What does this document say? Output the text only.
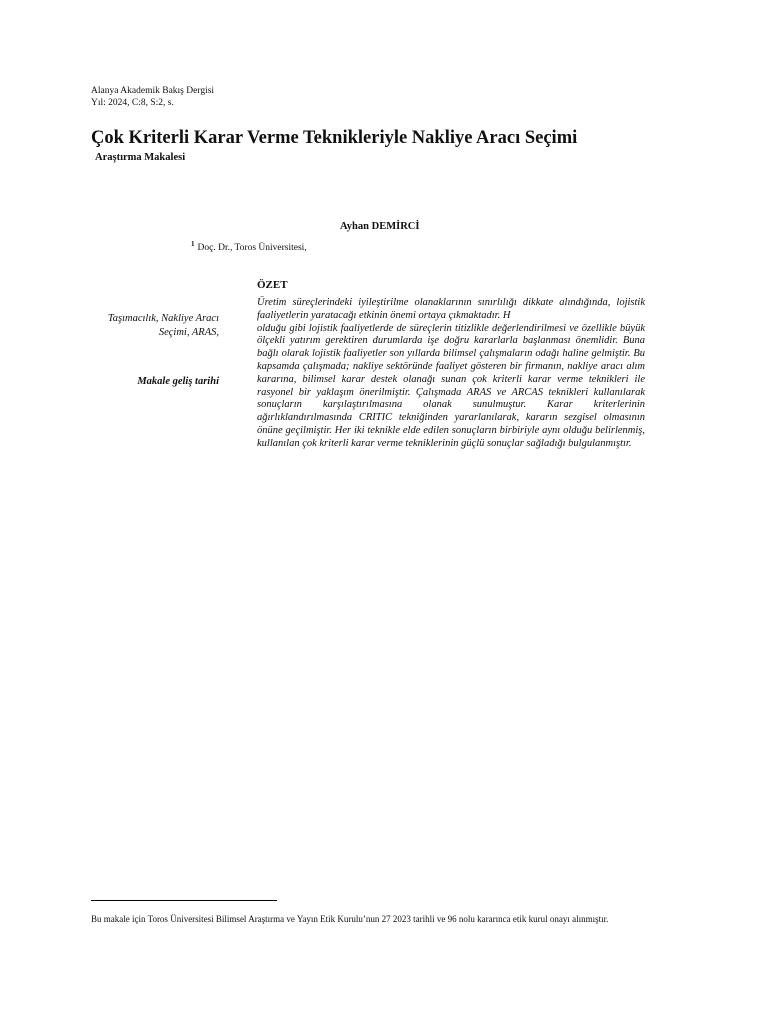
Alanya Akademik Bakış Dergisi
Yıl: 2024, C:8, S:2, s.
Çok Kriterli Karar Verme Teknikleriyle Nakliye Aracı Seçimi
Araştırma Makalesi
Ayhan DEMİRCİ
$^1$ Doç. Dr., Toros Üniversitesi,
ÖZET
Taşımacılık, Nakliye Aracı Seçimi, ARAS,
Makale geliş tarihi

Üretim süreçlerindeki iyileştirilme olanaklarının sınırlılığı dikkate alındığında, lojistik faaliyetlerin yaratacağı etkinin önemi ortaya çıkmaktadır. H

olduğu gibi lojistik faaliyetlerde de süreçlerin titizlikle değerlendirilmesi ve özellikle büyük ölçekli yatırım gerektiren durumlarda işe doğru kararlarla başlanması önemlidir. Buna bağlı olarak lojistik faaliyetler son yıllarda bilimsel çalışmaların odağı haline gelmiştir. Bu kapsamda çalışmada; nakliye sektöründe faaliyet gösteren bir firmanın, nakliye aracı alım kararına, bilimsel karar destek olanağı sunan çok kriterli karar verme teknikleri ile rasyonel bir yaklaşım önerilmiştir. Çalışmada ARAS ve ARCAS teknikleri kullanılarak sonuçların karşılaştırılmasına olanak sunulmuştur. Karar kriterlerinin ağırlıklandırılmasında CRITIC tekniğinden yararlanılarak, kararın sezgisel olmasının önüne geçilmiştir. Her iki teknikle elde edilen sonuçların birbiriyle aynı olduğu belirlenmiş, kullanılan çok kriterli karar verme tekniklerinin güçlü sonuçlar sağladığı bulgulanmıştır.

Bu makale için Toros Üniversitesi Bilimsel Araştırma ve Yayın Etik Kurulu’nun 27 2023 tarihli ve 96 nolu kararınca etik kurul onayı alınmıştır.
